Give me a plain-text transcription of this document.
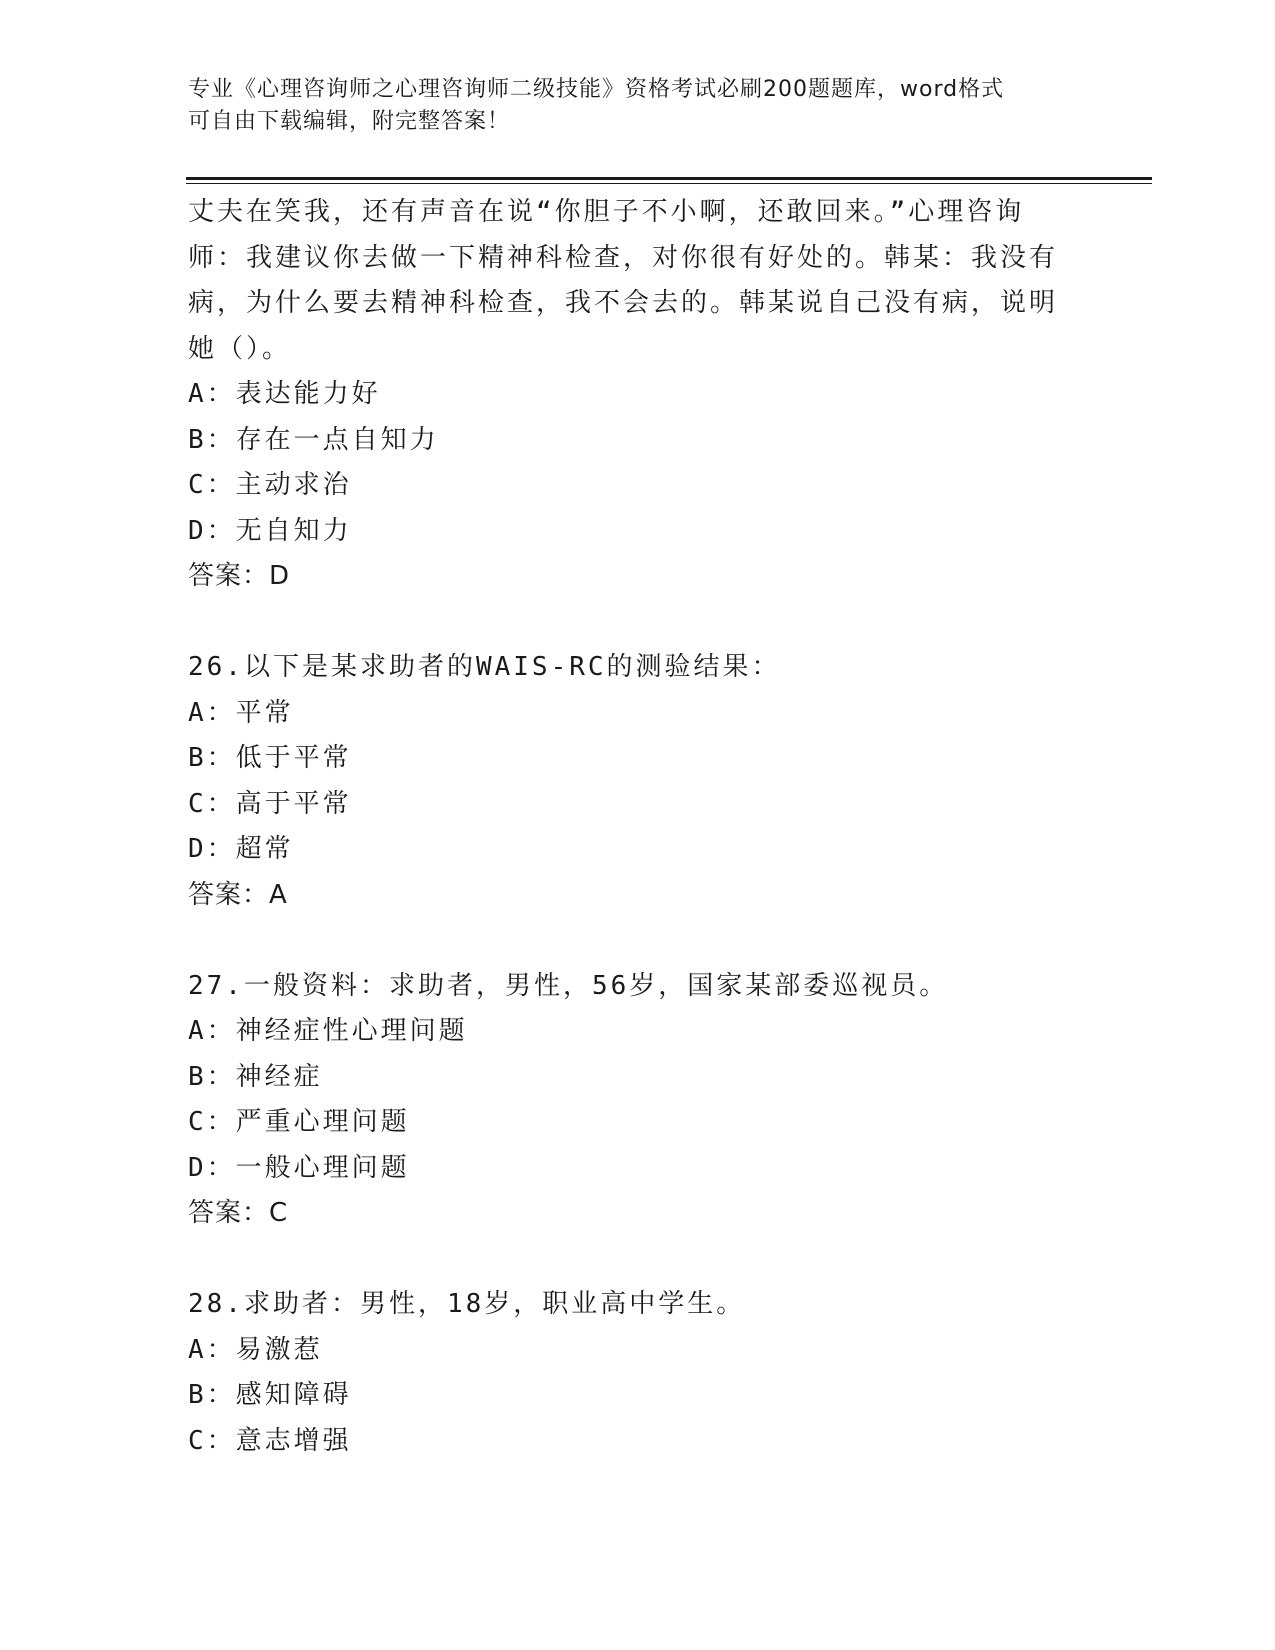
专业《心理咨询师之心理咨询师二级技能》资格考试必刷200题题库，word格式

可自由下载编辑，附完整答案！

丈夫在笑我，还有声音在说“你胆子不小啊，还敢回来。”心理咨询师：我建议你去做一下精神科检查，对你很有好处的。韩某：我没有病，为什么要去精神科检查，我不会去的。韩某说自己没有病，说明她（）。

A：表达能力好

B：存在一点自知力

C：主动求治

D：无自知力

答案：D

26.以下是某求助者的WAIS-RC的测验结果：

A：平常

B：低于平常

C：高于平常

D：超常

答案：A

27.一般资料：求助者，男性，56岁，国家某部委巡视员。

A：神经症性心理问题

B：神经症

C：严重心理问题

D：一般心理问题

答案：C

28.求助者：男性，18岁，职业高中学生。

A：易激惹

B：感知障碍

C：意志增强
